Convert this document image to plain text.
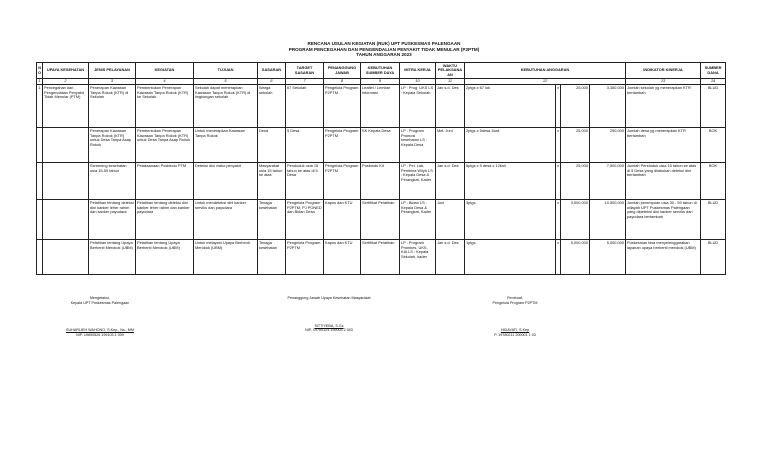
RENCANA USULAN KEGIATAN (RUK) UPT PUSKESMAS PALENGAAN
PROGRAM PENCEGAHAN DAN PENGENDALIAN PENYAKIT TIDAK MENULAR (P2PTM)
TAHUN ANGGARAN 2023
NO	UPAYA KESEHATAN	JENIS PELAYANAN	KEGIATAN	TUJUAN	SASARAN	TARGET SASARAN	PENANGGUNG JAWAB	KEBUTUHAN SUMBER DAYA	MITRA KERJA	WAKTU PELAKSANAAN	KEBUTUHAN ANGGARAN				INDIKATOR KINERJA	SUMBER DANA
1	2	3	4	5	6	7	8	9	10	11	12				13	14
1	Pencegahan dan Pengendalian Penyakit Tidak Menular (PTM)	Penerapan Kawasan Tanpa Rokok (KTR) di Sekolah	Pembentukan Penerapan Kawasan Tanpa Rokok (KTR) ke Sekolah	Sekolah dapat menerapkan Kawasan Tanpa Rokok (KTR) di lingkungan sekolah	Warga sekolah	67 Sekolah	Pengelola Program P2PTM	Leaflet / Lembar informasi	LP : Prog. UKS LS : Kepala Sekolah	Jan s.d. Des	2ptgs x 67 lok	x	25,000	3,350,000	Jumlah sekolah yg menerapkan KTR bertambah	BLUD
		Penerapan Kawasan Tanpa Rokok (KTR) untuk Desa Tanpa Asap Rokok	Pembentukan Penerapan Kawasan Tanpa Rokok (KTR) untuk Desa Tanpa Asap Rokok	Untuk menerapkan Kawasan Tanpa Rokok	Desa	5 Desa	Pengelola Program P2PTM	SK Kepala Desa	LP : Program Promosi kesehatan LS : Kepala Desa	Mei, Juni	2ptgs x 5desa 1kali	x	25,000	250,000	Jumlah desa yg menerapkan KTR bertambah	BOK
		Screening kesehatan usia 15-59 tahun	Pelaksanaan Posbindu PTM	Deteksi dini risiko penyakit	Masyarakat usia 15 tahun ke atas	Penduduk usia 15 tahun ke atas di 5 Desa	Pengelola Program P2PTM	Posbindu Kit	LP : Pel. Lab, Pembina Wilyh LS : Kepala Desa & Perangkat, Kader	Jan s.d. Des	5ptgs x 5 desa x 12kali	x	25,000	7,500,000	Jumlah Penduduk usia 15 tahun ke atas di 5 Desa yang dilakukan deteksi dini bertambah	BOK
		Pelatihan tentang deteksi dini kanker leher rahim dan kanker payudara	Pelatihan tentang deteksi dini kanker leher rahim dan kanker payudara	Untuk mendeteksi dini kanker serviks dan payudara	Tenaga kesehatan	Pengelola Program P2PTM, PJ PONED dan Bidan Desa	Kapus dan KTU	Sertifikat Pelatihan	LP : Bidan LS : Kepala Desa & Perangkat, Kader	Juni	3ptgs	x	3,500,000	10,500,000	Jumlah perempuan usia 30 - 50 tahun di wilayah UPT Puskesmas Palengaan yang dideteksi dini kanker serviks dan payudara bertambah	BLUD
		Pelatihan tentang Upaya Berhenti Merokok (UBM)	Pelatihan tentang Upaya Berhenti Merokok (UBM)	Untuk melayani Upaya Berhenti Merokok (UBM)	Tenaga kesehatan	Pengelola Program P2PTM	Kapus dan KTU	Sertifikat Pelatihan	LP : Program Promkes, UKS, KIA LS : Kepala Sekolah, kader	Jan s.d. Des	1ptgs	x	5,000,000	5,000,000	Puskesmas bisa menyelenggarakan layanan upaya berhenti merokok (UBM)	BLUD
Mengetahui,
Kepala UPT Puskesmas Palengaan
SUHARLIEH WAHONO, S.Kep., Ns., MM
NIP. 19690526 199103 1 009
Penanggung Jawab Upaya Kesehatan Masyarakat
SITTIYEBA, S.Gz
NIP. 19700124 199003 2 003
Pembuat,
Pengelola Program P2PTM
HIDAYATI, S.Kep
P. 19780211 200001 1 03
